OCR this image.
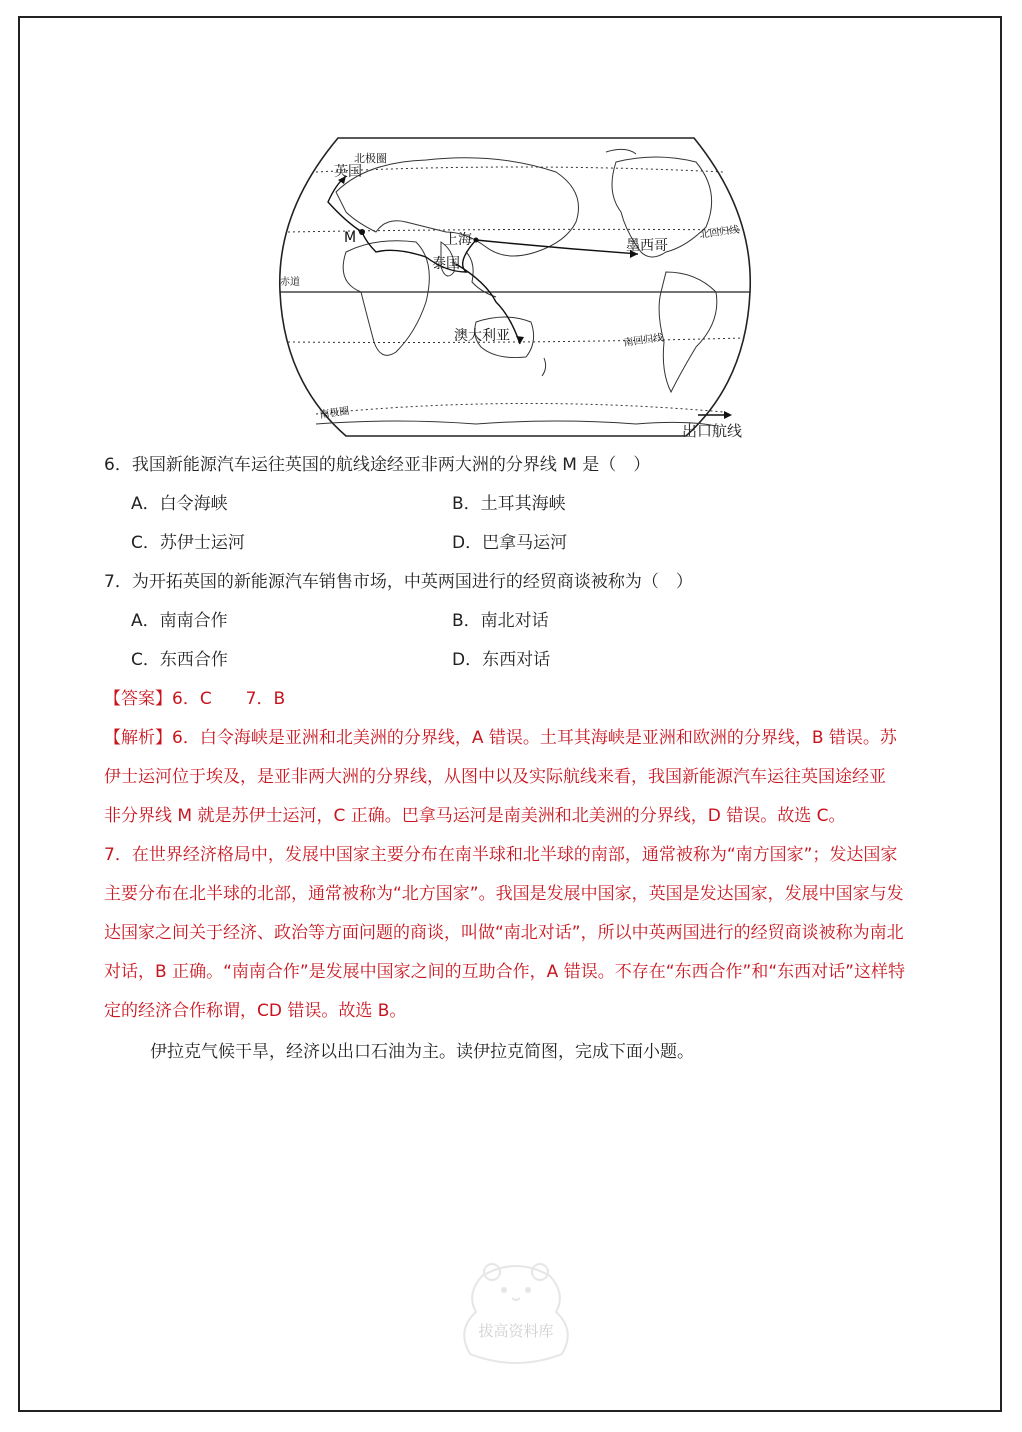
北极圈
英国
M	上海
泰国
墨西哥
北回归线
赤道
澳大利亚	南回归线
南极圈
出口航线
6．我国新能源汽车运往英国的航线途经亚非两大洲的分界线 M 是（　）
A．白令海峡	B．土耳其海峡
C．苏伊士运河	D．巴拿马运河
7．为开拓英国的新能源汽车销售市场，中英两国进行的经贸商谈被称为（　）
A．南南合作	B．南北对话
C．东西合作	D．东西对话
【答案】6．C　　7．B
【解析】6．白令海峡是亚洲和北美洲的分界线，A 错误。土耳其海峡是亚洲和欧洲的分界线，B 错误。苏
伊士运河位于埃及，是亚非两大洲的分界线，从图中以及实际航线来看，我国新能源汽车运往英国途经亚
非分界线 M 就是苏伊士运河，C 正确。巴拿马运河是南美洲和北美洲的分界线，D 错误。故选 C。
7．在世界经济格局中，发展中国家主要分布在南半球和北半球的南部，通常被称为“南方国家”；发达国家
主要分布在北半球的北部，通常被称为“北方国家”。我国是发展中国家，英国是发达国家，发展中国家与发
达国家之间关于经济、政治等方面问题的商谈，叫做“南北对话”，所以中英两国进行的经贸商谈被称为南北
对话，B 正确。“南南合作”是发展中国家之间的互助合作，A 错误。不存在“东西合作”和“东西对话”这样特
定的经济合作称谓，CD 错误。故选 B。
伊拉克气候干旱，经济以出口石油为主。读伊拉克简图，完成下面小题。
拔高资料库
